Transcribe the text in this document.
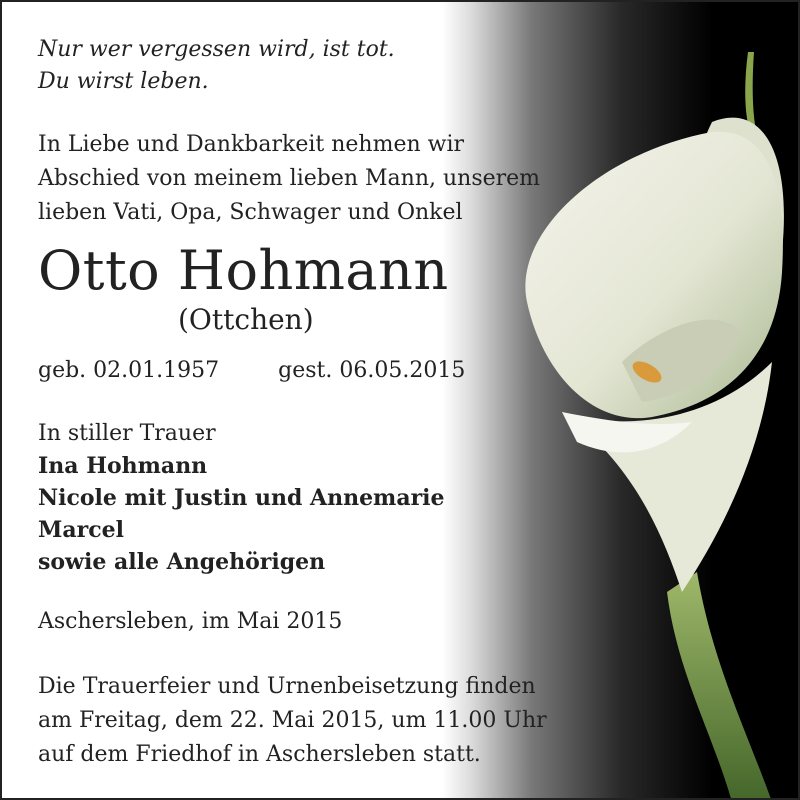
Nur wer vergessen wird, ist tot.
Du wirst leben.
In Liebe und Dankbarkeit nehmen wir
Abschied von meinem lieben Mann, unserem
lieben Vati, Opa, Schwager und Onkel
Otto Hohmann
(Ottchen)
geb. 02.01.1957	gest. 06.05.2015
In stiller Trauer
Ina Hohmann
Nicole mit Justin und Annemarie
Marcel
sowie alle Angehörigen
Aschersleben, im Mai 2015
Die Trauerfeier und Urnenbeisetzung finden
am Freitag, dem 22. Mai 2015, um 11.00 Uhr
auf dem Friedhof in Aschersleben statt.
